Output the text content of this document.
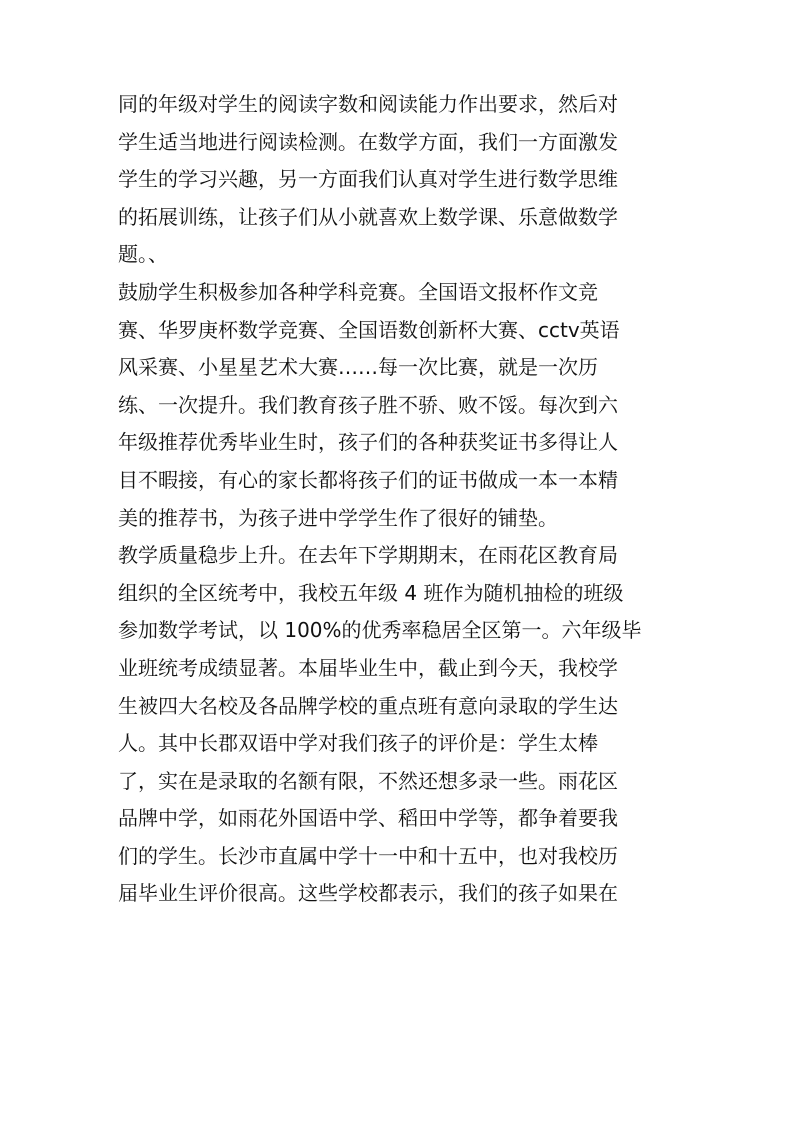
同的年级对学生的阅读字数和阅读能力作出要求，然后对
学生适当地进行阅读检测。在数学方面，我们一方面激发
学生的学习兴趣，另一方面我们认真对学生进行数学思维
的拓展训练，让孩子们从小就喜欢上数学课、乐意做数学
题。、
鼓励学生积极参加各种学科竞赛。全国语文报杯作文竞
赛、华罗庚杯数学竞赛、全国语数创新杯大赛、cctv英语
风采赛、小星星艺术大赛……每一次比赛，就是一次历
练、一次提升。我们教育孩子胜不骄、败不馁。每次到六
年级推荐优秀毕业生时，孩子们的各种获奖证书多得让人
目不暇接，有心的家长都将孩子们的证书做成一本一本精
美的推荐书，为孩子进中学学生作了很好的铺垫。
教学质量稳步上升。在去年下学期期末，在雨花区教育局
组织的全区统考中，我校五年级 4 班作为随机抽检的班级
参加数学考试，以 100%的优秀率稳居全区第一。六年级毕
业班统考成绩显著。本届毕业生中，截止到今天，我校学
生被四大名校及各品牌学校的重点班有意向录取的学生达
人。其中长郡双语中学对我们孩子的评价是：学生太棒
了，实在是录取的名额有限，不然还想多录一些。雨花区
品牌中学，如雨花外国语中学、稻田中学等，都争着要我
们的学生。长沙市直属中学十一中和十五中，也对我校历
届毕业生评价很高。这些学校都表示，我们的孩子如果在
